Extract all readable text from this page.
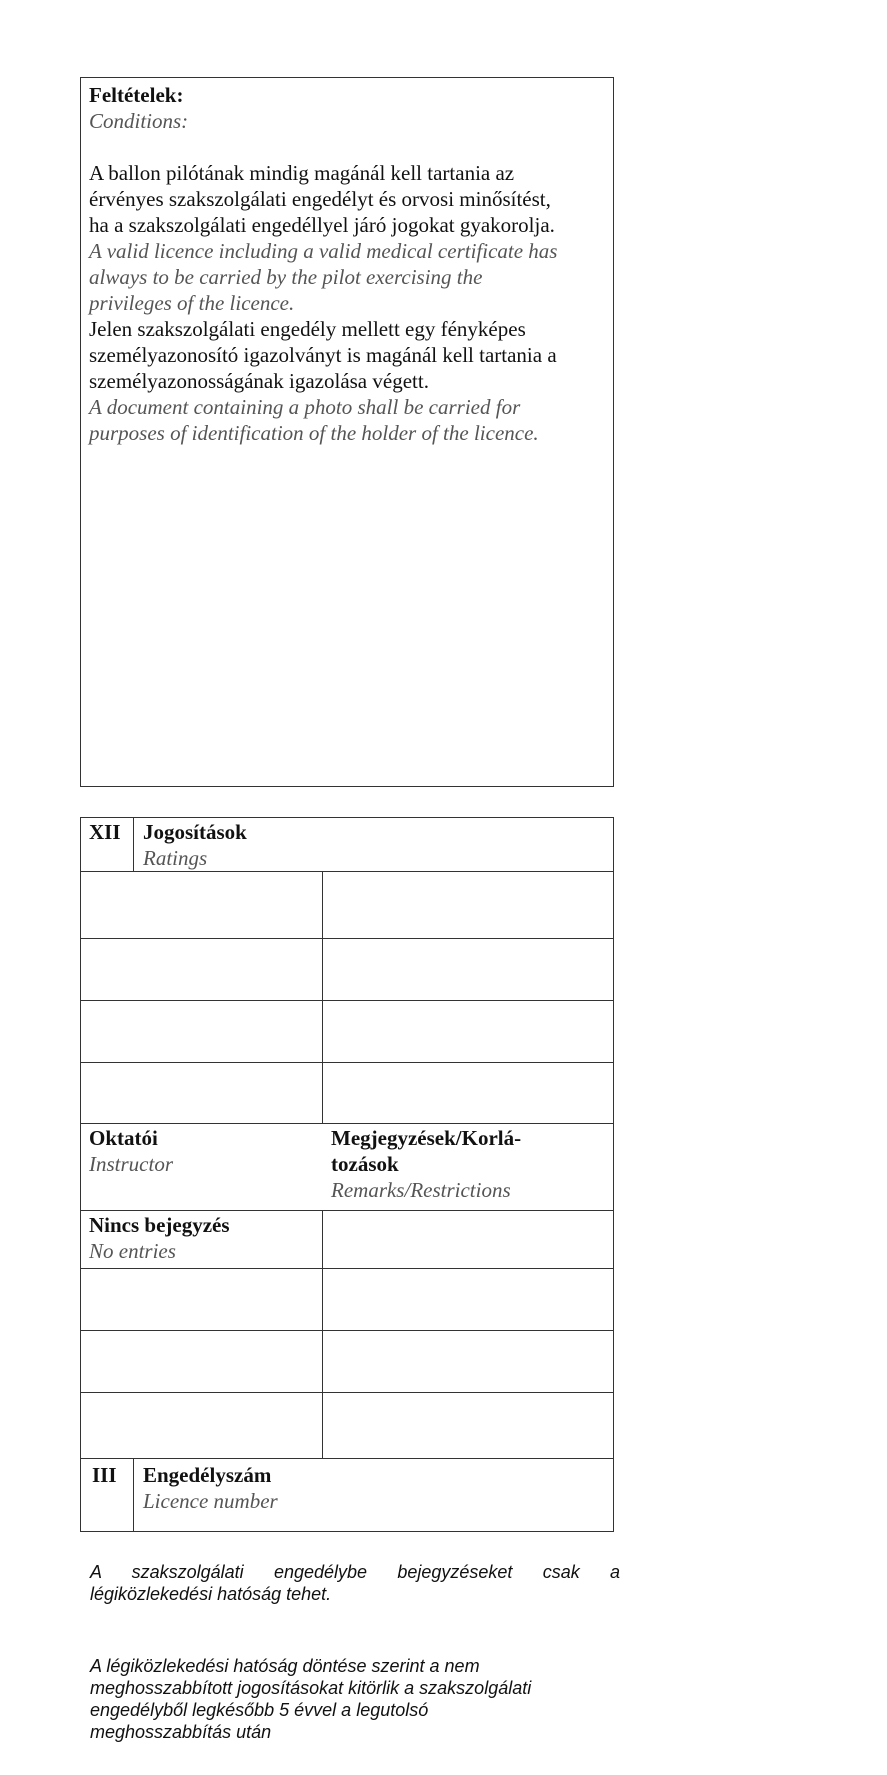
Feltételek:
Conditions:
A ballon pilótának mindig magánál kell tartania az
érvényes szakszolgálati engedélyt és orvosi minősítést,
ha a szakszolgálati engedéllyel járó jogokat gyakorolja.
A valid licence including a valid medical certificate has
always to be carried by the pilot exercising the
privileges of the licence.
Jelen szakszolgálati engedély mellett egy fényképes
személyazonosító igazolványt is magánál kell tartania a
személyazonosságának igazolása végett.
A document containing a photo shall be carried for
purposes of identification of the holder of the licence.
XII Jogosítások
Ratings
Oktatói
Instructor
Megjegyzések/Korlá-
tozások
Remarks/Restrictions
Nincs bejegyzés
No entries
III Engedélyszám
Licence number
A szakszolgálati engedélybe bejegyzéseket csak a
légiközlekedési hatóság tehet.
A légiközlekedési hatóság döntése szerint a nem
meghosszabbított jogosításokat kitörlik a szakszolgálati
engedélyből legkésőbb 5 évvel a legutolsó
meghosszabbítás után
